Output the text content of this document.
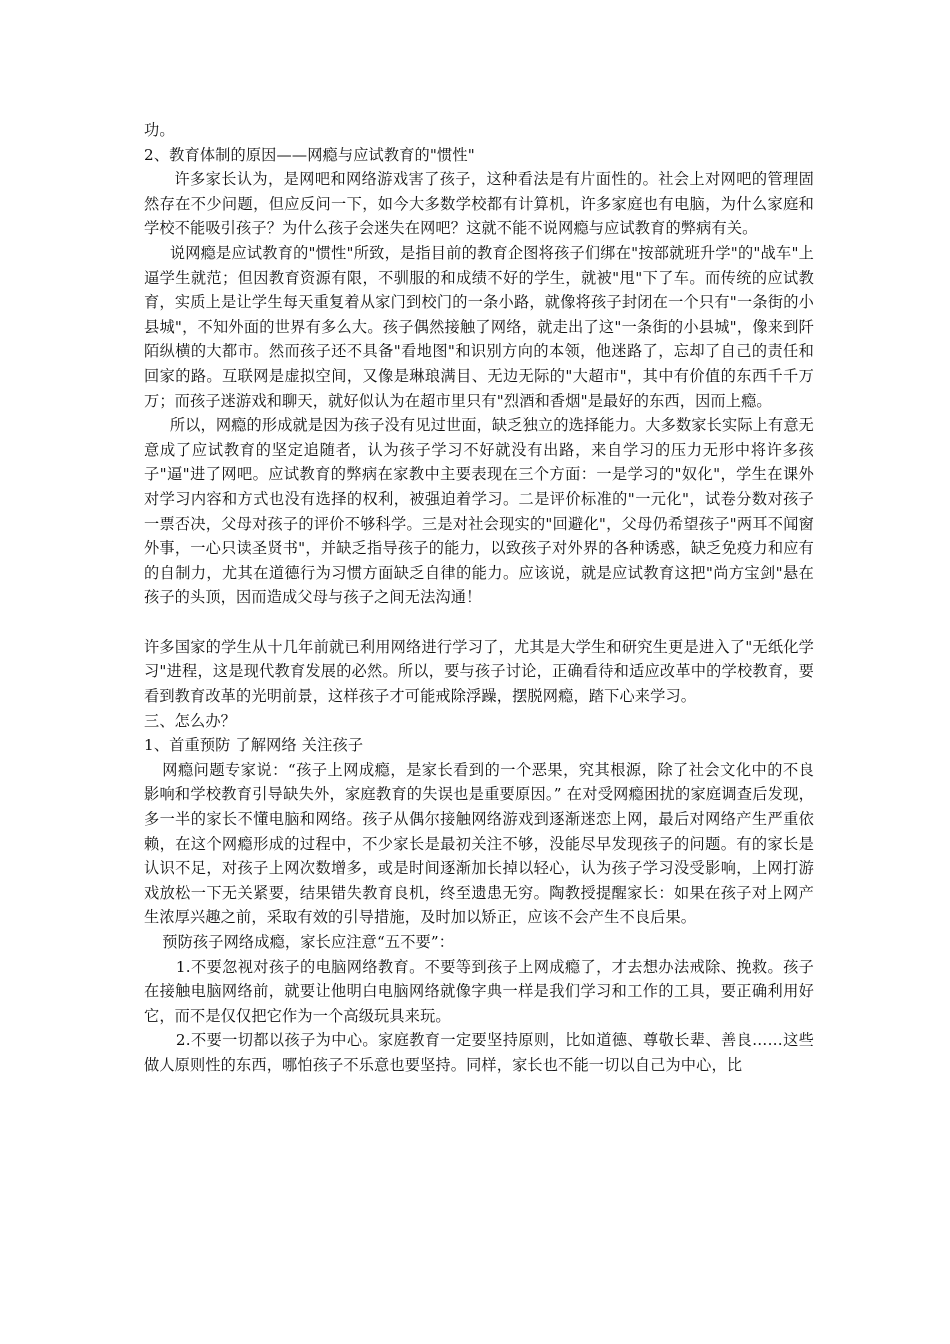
功。

2、教育体制的原因——网瘾与应试教育的"惯性"

许多家长认为，是网吧和网络游戏害了孩子，这种看法是有片面性的。社会上对网吧的管理固然存在不少问题，但应反问一下，如今大多数学校都有计算机，许多家庭也有电脑，为什么家庭和学校不能吸引孩子？为什么孩子会迷失在网吧？这就不能不说网瘾与应试教育的弊病有关。

说网瘾是应试教育的"惯性"所致，是指目前的教育企图将孩子们绑在"按部就班升学"的"战车"上逼学生就范；但因教育资源有限，不驯服的和成绩不好的学生，就被"甩"下了车。而传统的应试教育，实质上是让学生每天重复着从家门到校门的一条小路，就像将孩子封闭在一个只有"一条街的小县城"，不知外面的世界有多么大。孩子偶然接触了网络，就走出了这"一条街的小县城"，像来到阡陌纵横的大都市。然而孩子还不具备"看地图"和识别方向的本领，他迷路了，忘却了自己的责任和回家的路。互联网是虚拟空间，又像是琳琅满目、无边无际的"大超市"，其中有价值的东西千千万万；而孩子迷游戏和聊天，就好似认为在超市里只有"烈酒和香烟"是最好的东西，因而上瘾。

所以，网瘾的形成就是因为孩子没有见过世面，缺乏独立的选择能力。大多数家长实际上有意无意成了应试教育的坚定追随者，认为孩子学习不好就没有出路，来自学习的压力无形中将许多孩子"逼"进了网吧。应试教育的弊病在家教中主要表现在三个方面：一是学习的"奴化"，学生在课外对学习内容和方式也没有选择的权利，被强迫着学习。二是评价标准的"一元化"，试卷分数对孩子一票否决，父母对孩子的评价不够科学。三是对社会现实的"回避化"，父母仍希望孩子"两耳不闻窗外事，一心只读圣贤书"，并缺乏指导孩子的能力，以致孩子对外界的各种诱惑，缺乏免疫力和应有的自制力，尤其在道德行为习惯方面缺乏自律的能力。应该说，就是应试教育这把"尚方宝剑"悬在孩子的头顶，因而造成父母与孩子之间无法沟通！

许多国家的学生从十几年前就已利用网络进行学习了，尤其是大学生和研究生更是进入了"无纸化学习"进程，这是现代教育发展的必然。所以，要与孩子讨论，正确看待和适应改革中的学校教育，要看到教育改革的光明前景，这样孩子才可能戒除浮躁，摆脱网瘾，踏下心来学习。

三、怎么办？

1、首重预防 了解网络 关注孩子

网瘾问题专家说：“孩子上网成瘾，是家长看到的一个恶果，究其根源，除了社会文化中的不良影响和学校教育引导缺失外，家庭教育的失误也是重要原因。” 在对受网瘾困扰的家庭调查后发现，多一半的家长不懂电脑和网络。孩子从偶尔接触网络游戏到逐渐迷恋上网，最后对网络产生严重依赖，在这个网瘾形成的过程中，不少家长是最初关注不够，没能尽早发现孩子的问题。有的家长是认识不足，对孩子上网次数增多，或是时间逐渐加长掉以轻心，认为孩子学习没受影响，上网打游戏放松一下无关紧要，结果错失教育良机，终至遗患无穷。陶教授提醒家长：如果在孩子对上网产生浓厚兴趣之前，采取有效的引导措施，及时加以矫正，应该不会产生不良后果。

预防孩子网络成瘾，家长应注意“五不要”：

1.不要忽视对孩子的电脑网络教育。不要等到孩子上网成瘾了，才去想办法戒除、挽救。孩子在接触电脑网络前，就要让他明白电脑网络就像字典一样是我们学习和工作的工具，要正确利用好它，而不是仅仅把它作为一个高级玩具来玩。

2.不要一切都以孩子为中心。家庭教育一定要坚持原则，比如道德、尊敬长辈、善良……这些做人原则性的东西，哪怕孩子不乐意也要坚持。同样，家长也不能一切以自己为中心，比
